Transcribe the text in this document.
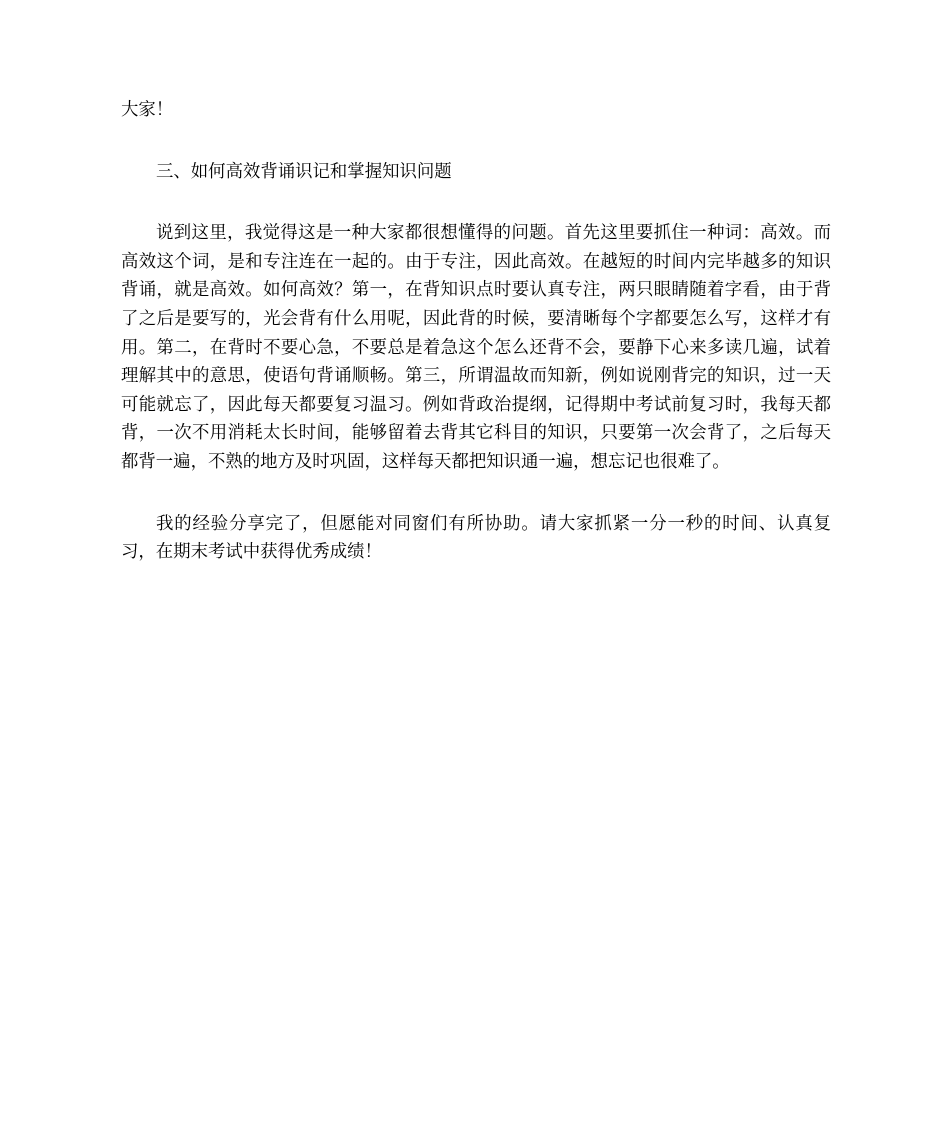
大家！

三、如何高效背诵识记和掌握知识问题

说到这里，我觉得这是一种大家都很想懂得的问题。首先这里要抓住一种词：高效。而高效这个词，是和专注连在一起的。由于专注，因此高效。在越短的时间内完毕越多的知识背诵，就是高效。如何高效？第一，在背知识点时要认真专注，两只眼睛随着字看，由于背了之后是要写的，光会背有什么用呢，因此背的时候，要清晰每个字都要怎么写，这样才有用。第二，在背时不要心急，不要总是着急这个怎么还背不会，要静下心来多读几遍，试着理解其中的意思，使语句背诵顺畅。第三，所谓温故而知新，例如说刚背完的知识，过一天可能就忘了，因此每天都要复习温习。例如背政治提纲，记得期中考试前复习时，我每天都背，一次不用消耗太长时间，能够留着去背其它科目的知识，只要第一次会背了，之后每天都背一遍，不熟的地方及时巩固，这样每天都把知识通一遍，想忘记也很难了。

我的经验分享完了，但愿能对同窗们有所协助。请大家抓紧一分一秒的时间、认真复习，在期末考试中获得优秀成绩！
